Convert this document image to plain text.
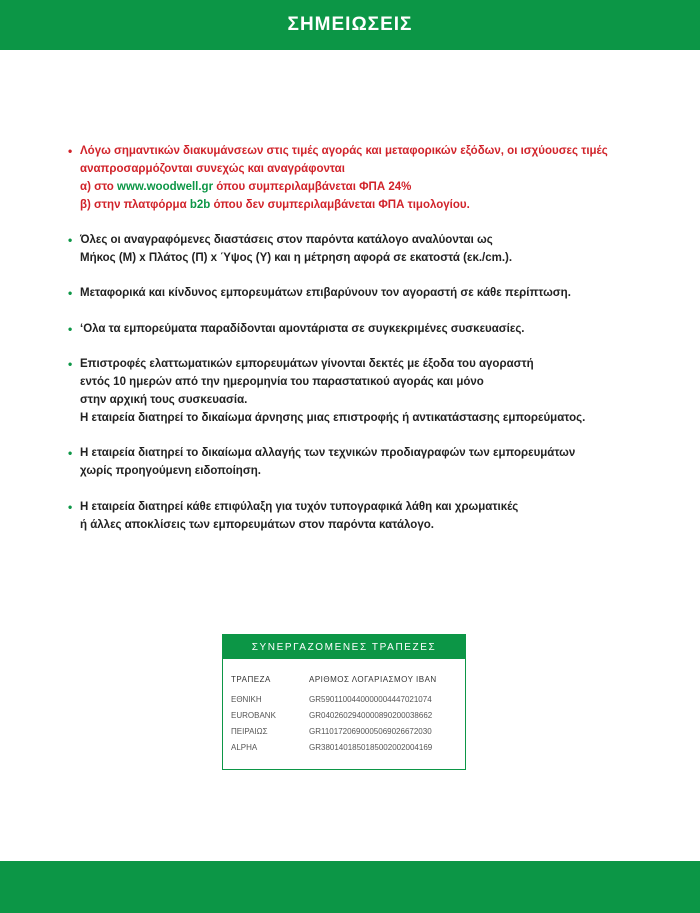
ΣΗΜΕΙΩΣΕΙΣ
• Λόγω σημαντικών διακυμάνσεων στις τιμές αγοράς και μεταφορικών εξόδων, οι ισχύουσες τιμές
αναπροσαρμόζονται συνεχώς και αναγράφονται
α) στο www.woodwell.gr όπου συμπεριλαμβάνεται ΦΠΑ 24%
β) στην πλατφόρμα b2b όπου δεν συμπεριλαμβάνεται ΦΠΑ τιμολογίου.
• Όλες οι αναγραφόμενες διαστάσεις στον παρόντα κατάλογο αναλύονται ως
Μήκος (Μ) x Πλάτος (Π) x Ύψος (Υ) και η μέτρηση αφορά σε εκατοστά (εκ./cm.).
• Μεταφορικά και κίνδυνος εμπορευμάτων επιβαρύνουν τον αγοραστή σε κάθε περίπτωση.
• ‘Ολα τα εμπορεύματα παραδίδονται αμοντάριστα σε συγκεκριμένες συσκευασίες.
• Επιστροφές ελαττωματικών εμπορευμάτων γίνονται δεκτές με έξοδα του αγοραστή
εντός 10 ημερών από την ημερομηνία του παραστατικού αγοράς και μόνο
στην αρχική τους συσκευασία.
Η εταιρεία διατηρεί το δικαίωμα άρνησης μιας επιστροφής ή αντικατάστασης εμπορεύματος.
• Η εταιρεία διατηρεί το δικαίωμα αλλαγής των τεχνικών προδιαγραφών των εμπορευμάτων
χωρίς προηγούμενη ειδοποίηση.
• Η εταιρεία διατηρεί κάθε επιφύλαξη για τυχόν τυπογραφικά λάθη και χρωματικές
ή άλλες αποκλίσεις των εμπορευμάτων στον παρόντα κατάλογο.
ΣΥΝΕΡΓΑΖΟΜΕΝΕΣ ΤΡΑΠΕΖΕΣ
ΤΡΑΠΕΖΑ	ΑΡΙΘΜΟΣ ΛΟΓΑΡΙΑΣΜΟΥ ΙΒΑΝ
ΕΘΝΙΚΗ	GR5901100440000004447021074
EUROBANK	GR0402602940000890200038662
ΠΕΙΡΑΙΩΣ	GR1101720690005069026672030
ALPHA	GR3801401850185002002004169
